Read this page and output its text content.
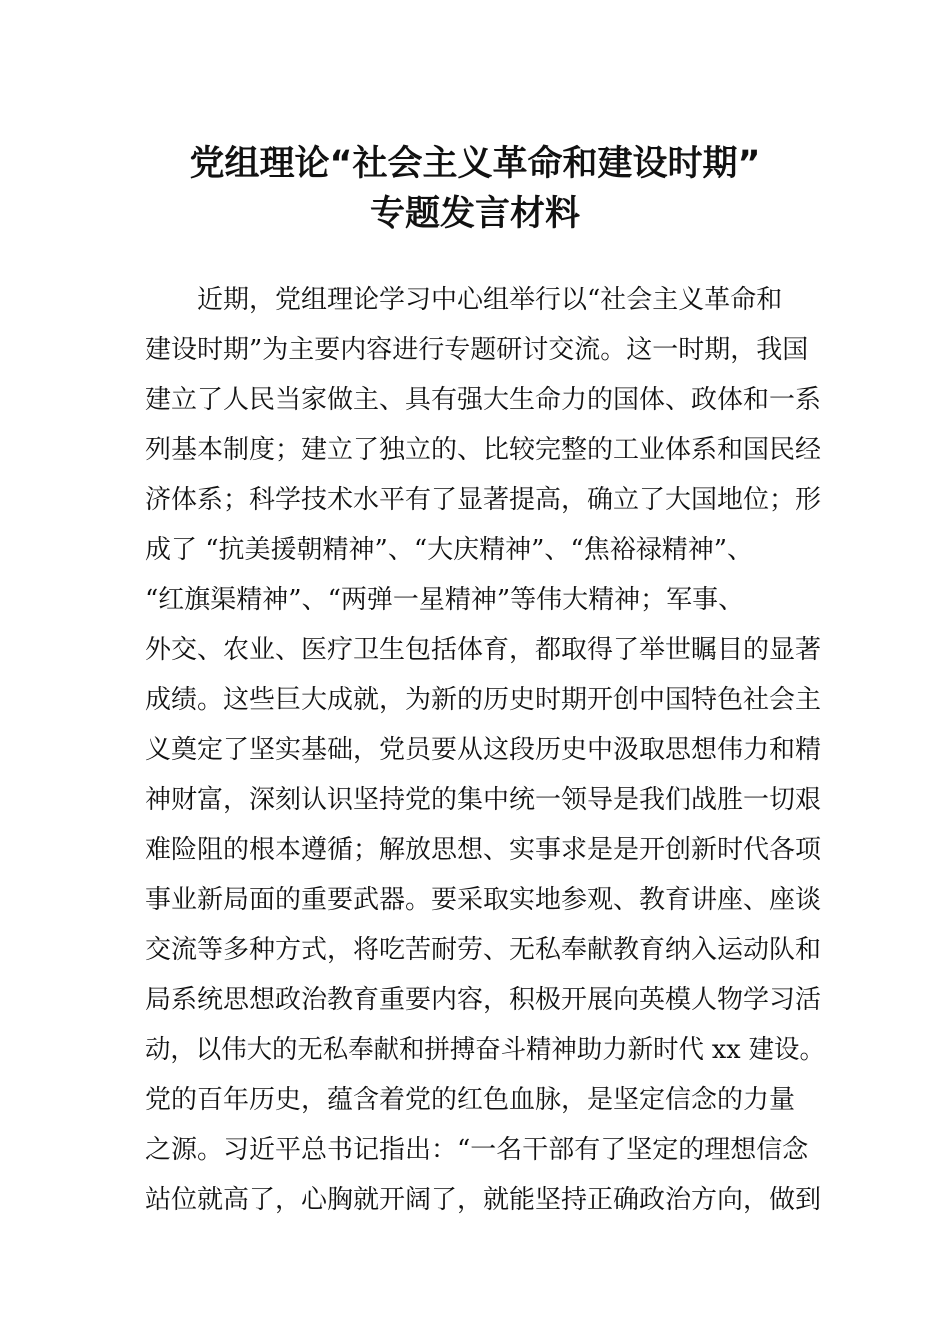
党组理论“社会主义革命和建设时期”
专题发言材料
　　近期，党组理论学习中心组举行以“社会主义革命和
建设时期”为主要内容进行专题研讨交流。这一时期，我国
建立了人民当家做主、具有强大生命力的国体、政体和一系
列基本制度；建立了独立的、比较完整的工业体系和国民经
济体系；科学技术水平有了显著提高，确立了大国地位；形
成了 “抗美援朝精神”、“大庆精神”、“焦裕禄精神”、
“红旗渠精神”、“两弹一星精神”等伟大精神；军事、
外交、农业、医疗卫生包括体育，都取得了举世瞩目的显著
成绩。这些巨大成就，为新的历史时期开创中国特色社会主
义奠定了坚实基础，党员要从这段历史中汲取思想伟力和精
神财富，深刻认识坚持党的集中统一领导是我们战胜一切艰
难险阻的根本遵循；解放思想、实事求是是开创新时代各项
事业新局面的重要武器。要采取实地参观、教育讲座、座谈
交流等多种方式，将吃苦耐劳、无私奉献教育纳入运动队和
局系统思想政治教育重要内容，积极开展向英模人物学习活
动，以伟大的无私奉献和拼搏奋斗精神助力新时代 xx 建设。
党的百年历史，蕴含着党的红色血脉，是坚定信念的力量
之源。习近平总书记指出：“一名干部有了坚定的理想信念
站位就高了，心胸就开阔了，就能坚持正确政治方向，做到
